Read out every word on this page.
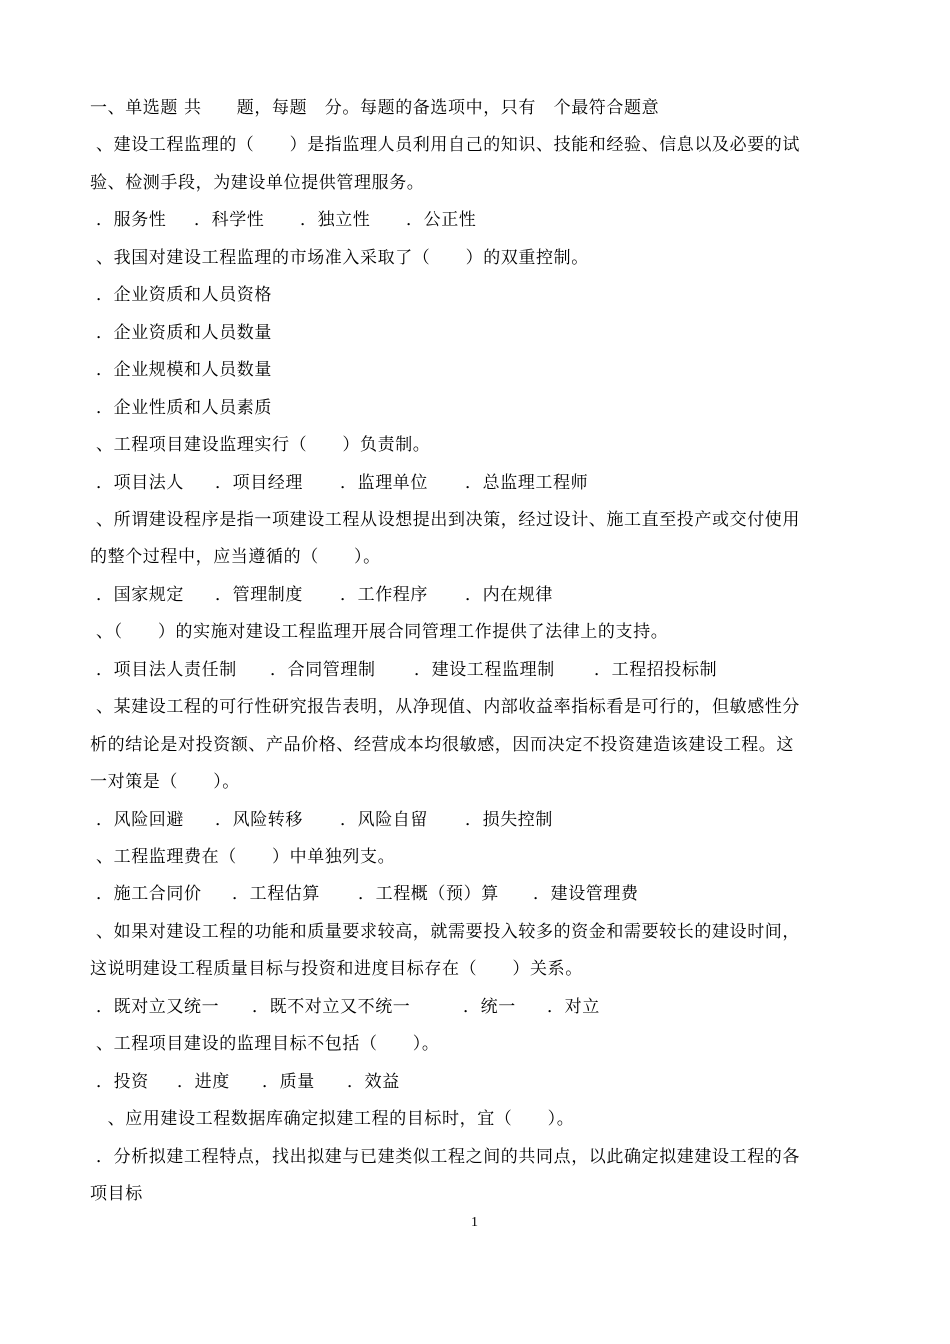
一、单选题 共　　题，每题　分。每题的备选项中，只有　个最符合题意
、建设工程监理的（　　）是指监理人员利用自己的知识、技能和经验、信息以及必要的试
验、检测手段，为建设单位提供管理服务。
．服务性 ．科学性 ．独立性 ．公正性
、我国对建设工程监理的市场准入采取了（　　）的双重控制。
．企业资质和人员资格
．企业资质和人员数量
．企业规模和人员数量
．企业性质和人员素质
、工程项目建设监理实行（　　）负责制。
．项目法人 ．项目经理 ．监理单位 ．总监理工程师
、所谓建设程序是指一项建设工程从设想提出到决策，经过设计、施工直至投产或交付使用
的整个过程中，应当遵循的（　　）。
．国家规定 ．管理制度 ．工作程序 ．内在规律
、（　　）的实施对建设工程监理开展合同管理工作提供了法律上的支持。
．项目法人责任制 ．合同管理制 ．建设工程监理制 ．工程招投标制
、某建设工程的可行性研究报告表明，从净现值、内部收益率指标看是可行的，但敏感性分
析的结论是对投资额、产品价格、经营成本均很敏感，因而决定不投资建造该建设工程。这
一对策是（　　）。
．风险回避 ．风险转移 ．风险自留 ．损失控制
、工程监理费在（　　）中单独列支。
．施工合同价 ．工程估算 ．工程概（预）算 ．建设管理费
、如果对建设工程的功能和质量要求较高，就需要投入较多的资金和需要较长的建设时间，
这说明建设工程质量目标与投资和进度目标存在（　　）关系。
．既对立又统一 ．既不对立又不统一	．统一 ．对立
、工程项目建设的监理目标不包括（　　）。
．投资 ．进度 ．质量 ．效益
　、应用建设工程数据库确定拟建工程的目标时，宜（　　）。
．分析拟建工程特点，找出拟建与已建类似工程之间的共同点，以此确定拟建建设工程的各
项目标
1
